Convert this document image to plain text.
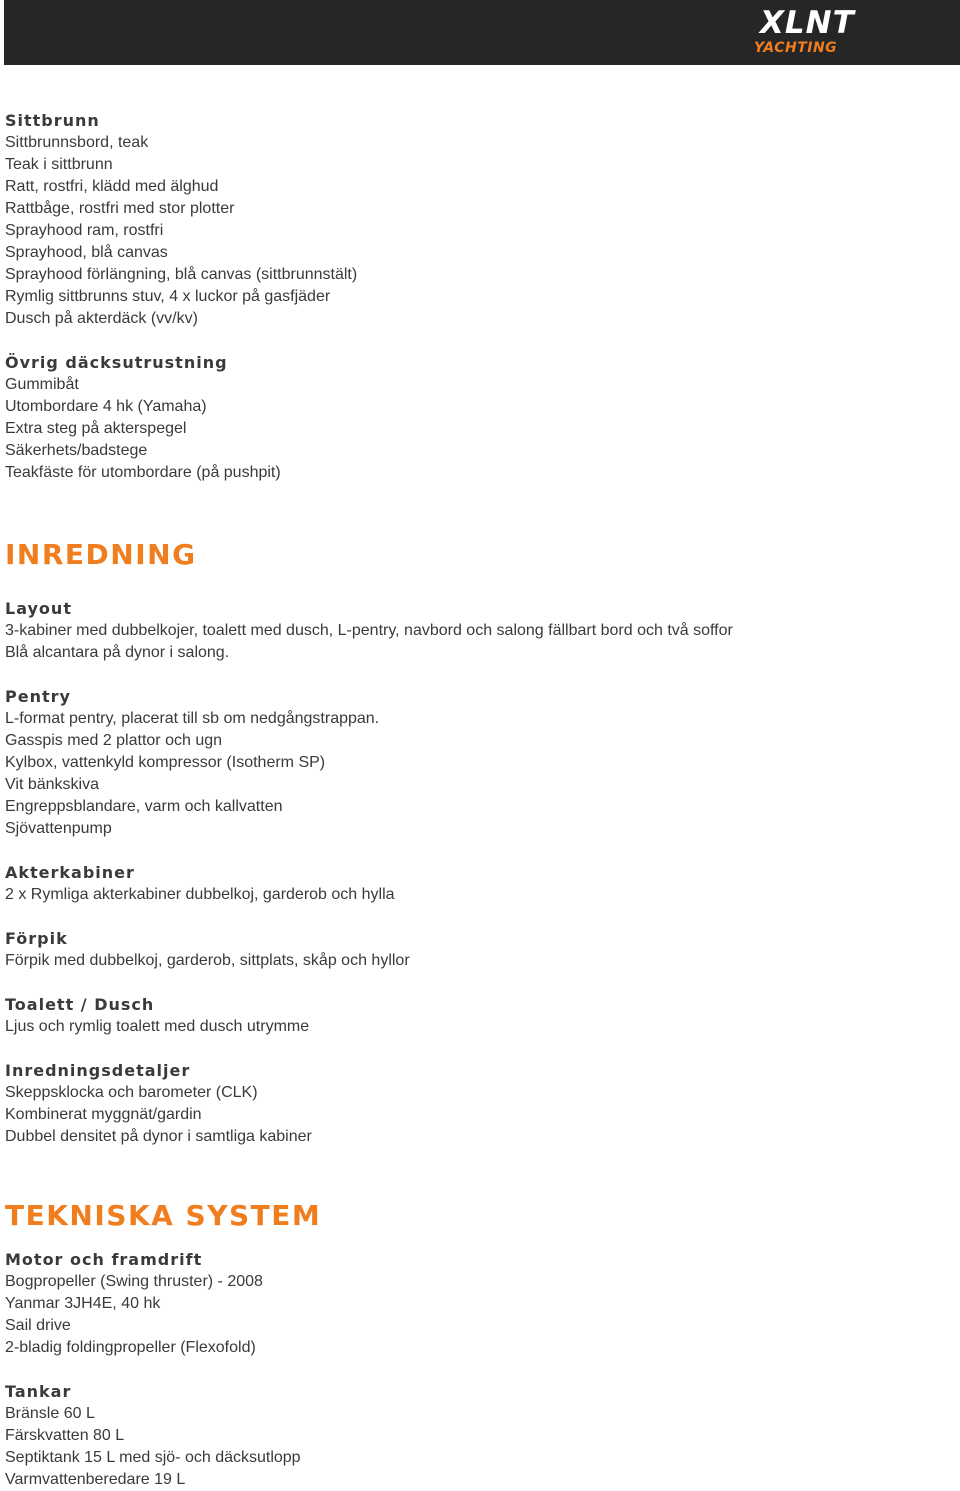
XLNT
YACHTING
Sittbrunn

Sittbrunnsbord, teak

Teak i sittbrunn

Ratt, rostfri, klädd med älghud

Rattbåge, rostfri med stor plotter

Sprayhood ram, rostfri

Sprayhood, blå canvas

Sprayhood förlängning, blå canvas (sittbrunnstält)

Rymlig sittbrunns stuv, 4 x luckor på gasfjäder

Dusch på akterdäck (vv/kv)

Övrig däcksutrustning

Gummibåt

Utombordare 4 hk (Yamaha)

Extra steg på akterspegel

Säkerhets/badstege

Teakfäste för utombordare (på pushpit)

INREDNING
Layout

3-kabiner med dubbelkojer, toalett med dusch, L-pentry, navbord och salong fällbart bord och två soffor

Blå alcantara på dynor i salong.

Pentry

L-format pentry, placerat till sb om nedgångstrappan.

Gasspis med 2 plattor och ugn

Kylbox, vattenkyld kompressor (Isotherm SP)

Vit bänkskiva

Engreppsblandare, varm och kallvatten

Sjövattenpump

Akterkabiner

2 x Rymliga akterkabiner dubbelkoj, garderob och hylla

Förpik

Förpik med dubbelkoj, garderob, sittplats, skåp och hyllor

Toalett / Dusch

Ljus och rymlig toalett med dusch utrymme

Inredningsdetaljer

Skeppsklocka och barometer (CLK)

Kombinerat myggnät/gardin

Dubbel densitet på dynor i samtliga kabiner

TEKNISKA SYSTEM
Motor och framdrift

Bogpropeller (Swing thruster) - 2008

Yanmar 3JH4E, 40 hk

Sail drive

2-bladig foldingpropeller (Flexofold)

Tankar

Bränsle 60 L

Färskvatten 80 L

Septiktank 15 L med sjö- och däcksutlopp

Varmvattenberedare 19 L
